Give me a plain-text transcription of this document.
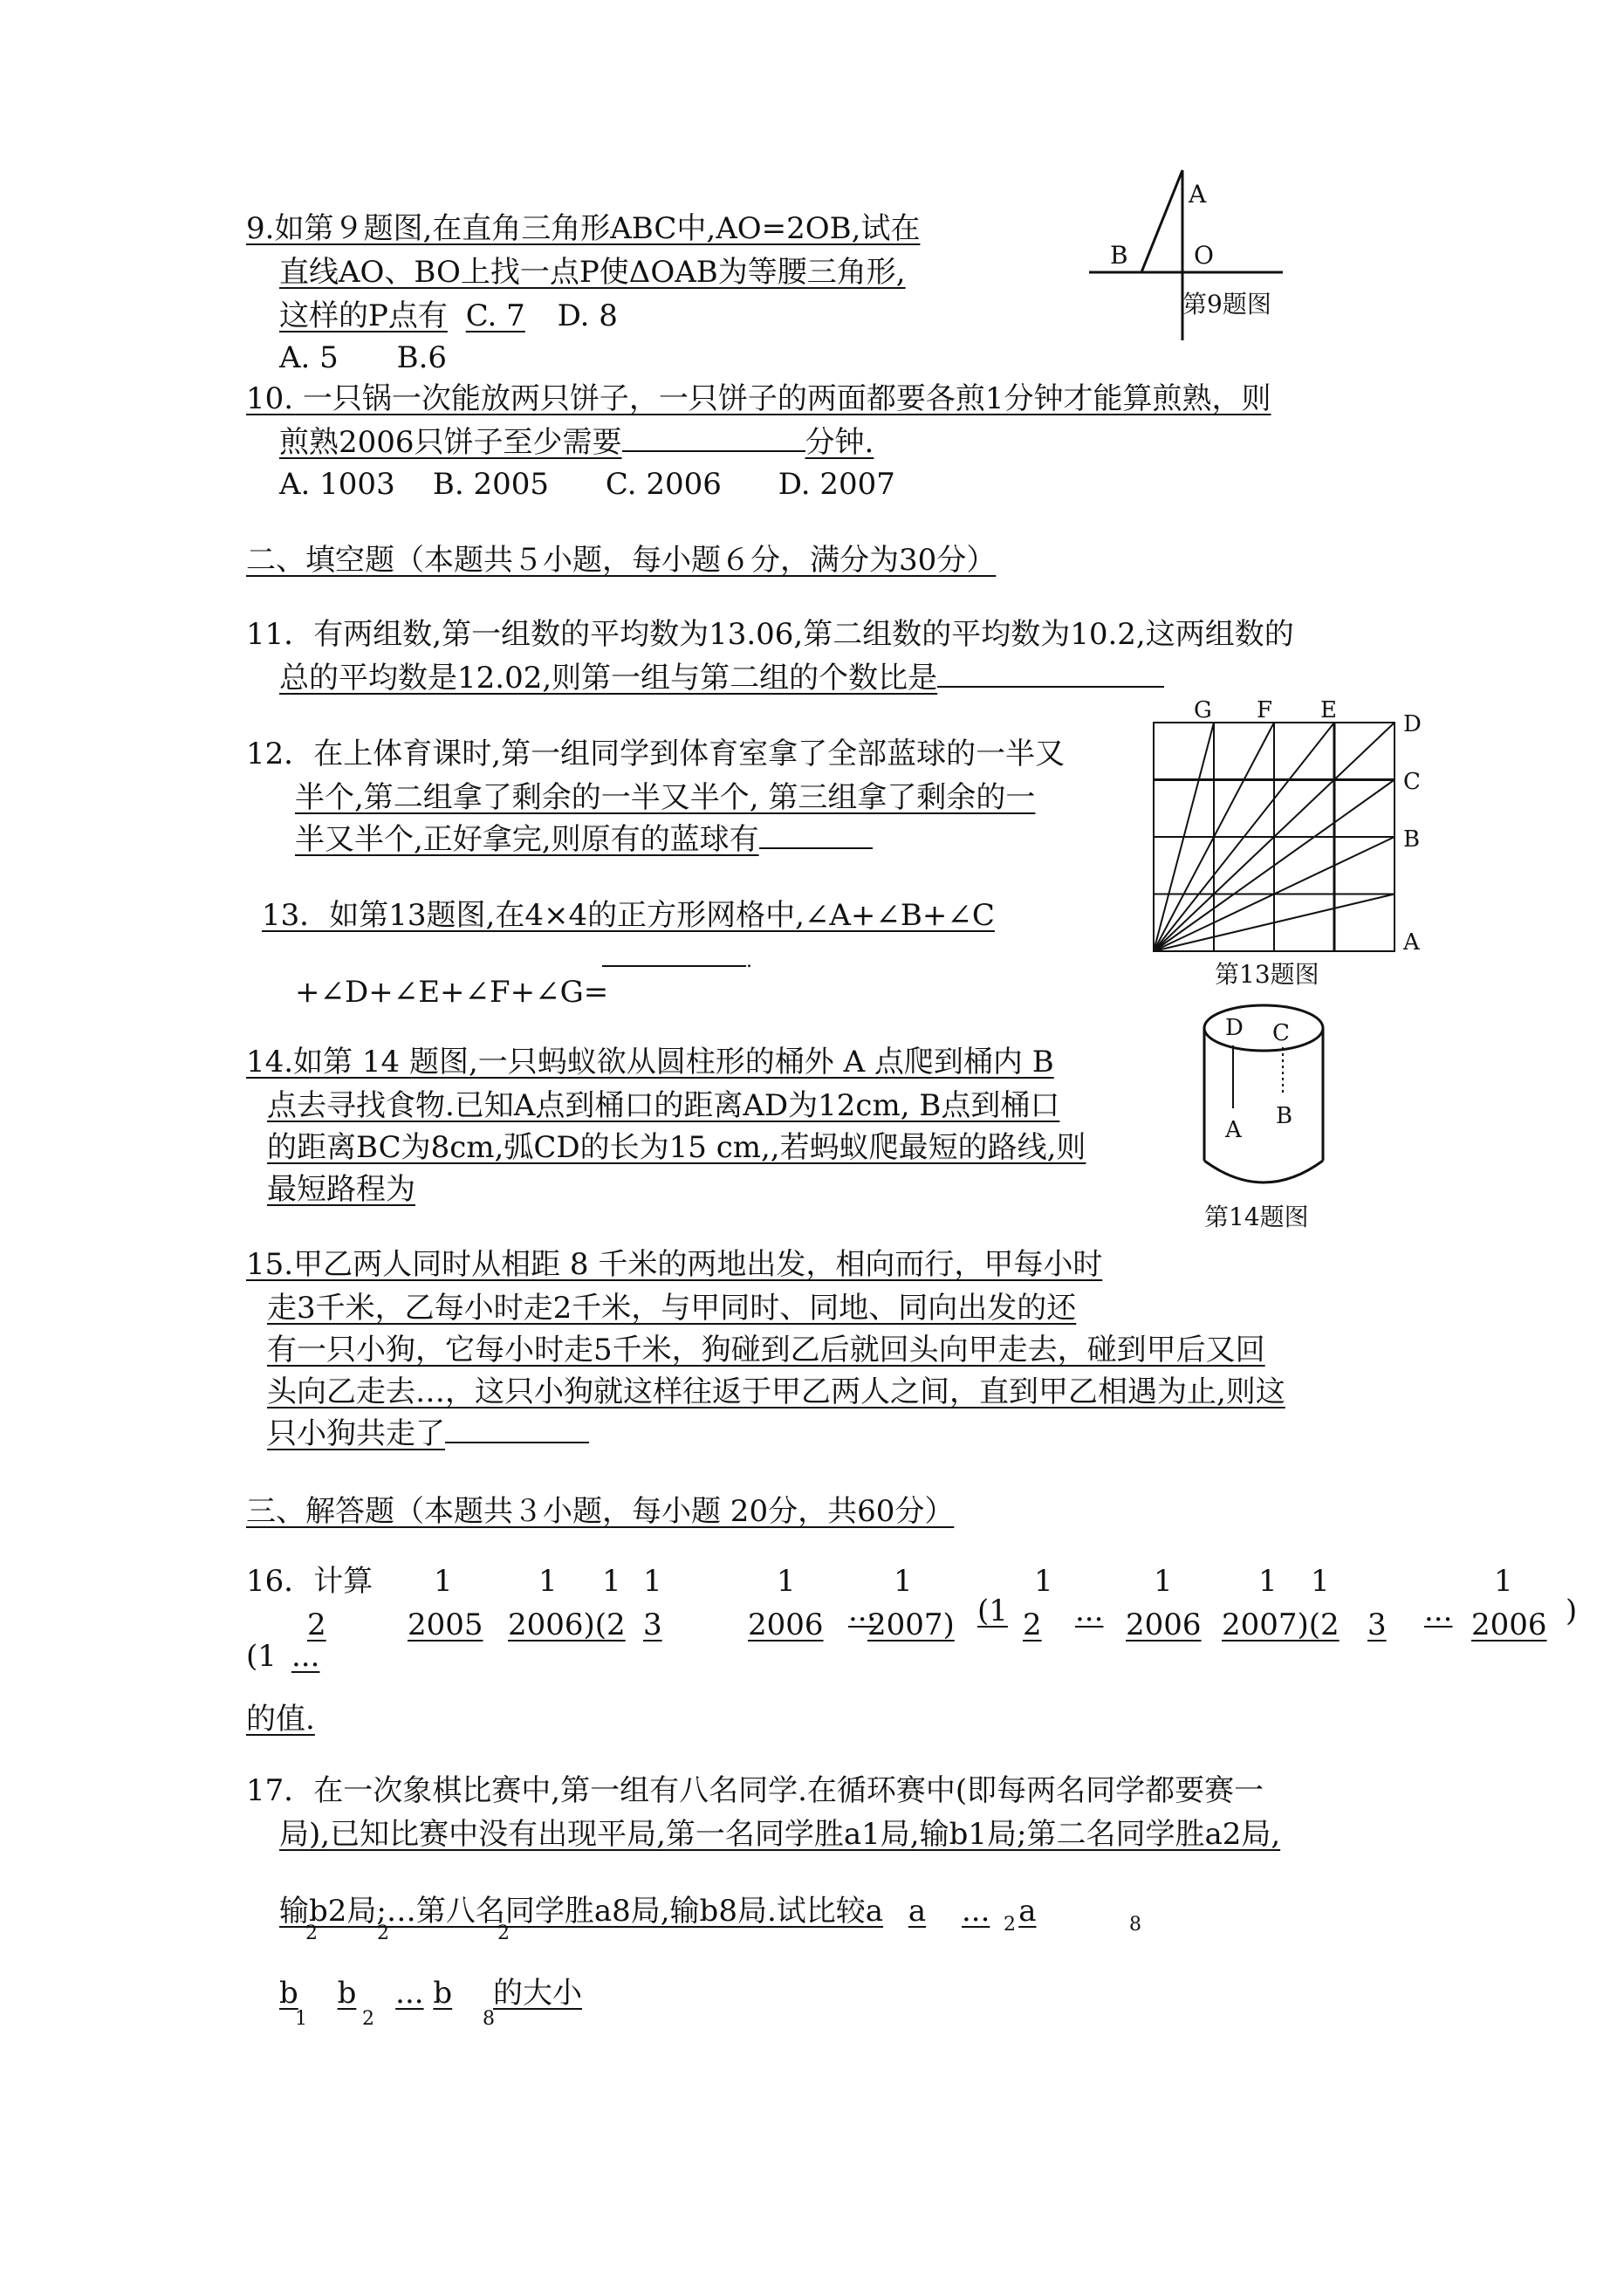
9.如第９题图,在直角三角形ABC中,AO=2OB,试在
直线AO、BO上找一点P使ΔOAB为等腰三角形,
这样的P点有 C. 7 D. 8
A. 5 B.6
A
B	O
第9题图
10. 一只锅一次能放两只饼子，一只饼子的两面都要各煎1分钟才能算煎熟，则
煎熟2006只饼子至少需要	分钟.
A. 1003    B. 2005      C. 2006      D. 2007
二、填空题（本题共５小题，每小题６分，满分为30分）
11．有两组数,第一组数的平均数为13.06,第二组数的平均数为10.2,这两组数的
总的平均数是12.02,则第一组与第二组的个数比是
12．在上体育课时,第一组同学到体育室拿了全部蓝球的一半又
半个,第二组拿了剩余的一半又半个, 第三组拿了剩余的一
半又半个,正好拿完,则原有的蓝球有
13．如第13题图,在4×4的正方形网格中,∠A+∠B+∠C
.
+∠D+∠E+∠F+∠G=
G F E
D
C
B
A
第13题图
14.如第 14 题图,一只蚂蚁欲从圆柱形的桶外 A 点爬到桶内 B
点去寻找食物.已知A点到桶口的距离AD为12cm, B点到桶口
的距离BC为8cm,弧CD的长为15 cm,,若蚂蚁爬最短的路线,则
最短路程为
D C
A
B
第14题图
15.甲乙两人同时从相距 8 千米的两地出发，相向而行，甲每小时
走3千米，乙每小时走2千米，与甲同时、同地、同向出发的还
有一只小狗，它每小时走5千米，狗碰到乙后就回头向甲走去，碰到甲后又回
头向乙走去…，这只小狗就这样往返于甲乙两人之间，直到甲乙相遇为止,则这
只小狗共走了
三、解答题（本题共３小题，每小题 20分，共60分）
16．计算
(1 ...
(1 ...	...
...	)
1
2
1
2005
1
2006)(2
1
3
1
2006
1
2007)
1
2
1
2006
1
2007)(2
1
3
1
2006
的值.
17．在一次象棋比赛中,第一组有八名同学.在循环赛中(即每两名同学都要赛一
局),已知比赛中没有出现平局,第一名同学胜a1局,输b1局;第二名同学胜a2局,
输b2局;…第八名同学胜a8局,输b8局.试比较a a ... a
2	2	2	2	8
b b ... b 的大小
1	2	8
